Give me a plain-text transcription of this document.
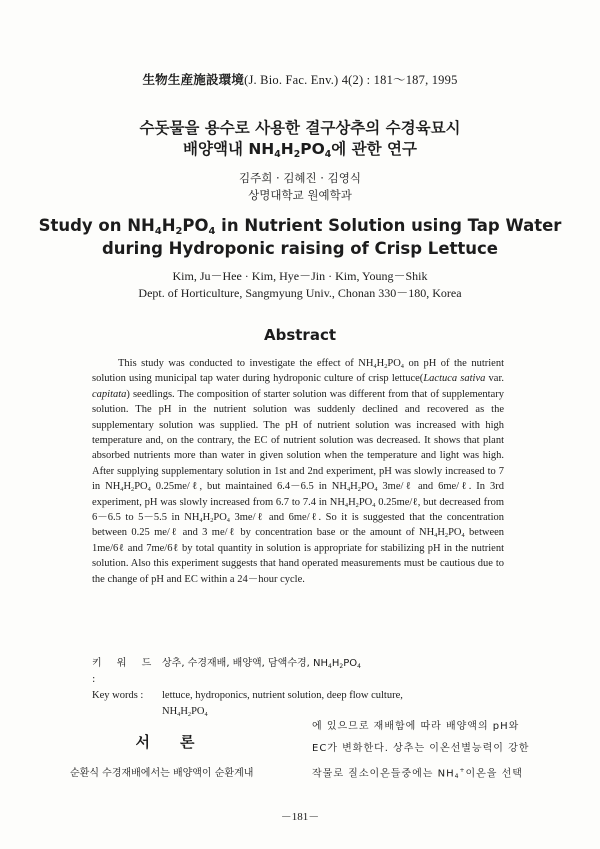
生物生産施設環境(J. Bio. Fac. Env.) 4(2) : 181～187, 1995
수돗물을 용수로 사용한 결구상추의 수경육묘시
배양액내 $NH_4H_2PO_4$에 관한 연구
김주희 · 김혜진 · 김영식
상명대학교 원예학과
Study on $NH_4H_2PO_4$ in Nutrient Solution using Tap Water
during Hydroponic raising of Crisp Lettuce
Kim, Ju－Hee · Kim, Hye－Jin · Kim, Young－Shik
Dept. of Horticulture, Sangmyung Univ., Chonan 330－180, Korea
Abstract

This study was conducted to investigate the effect of $NH_4H_2PO_4$ on pH of the nutrient solution using municipal tap water during hydroponic culture of crisp lettuce(Lactuca sativa var. capitata) seedlings. The composition of starter solution was different from that of supplementary solution. The pH in the nutrient solution was suddenly declined and recovered as the supplementary solution was supplied. The pH of nutrient solution was increased with high temperature and, on the contrary, the EC of nutrient solution was decreased. It shows that plant absorbed nutrients more than water in given solution when the temperature and light was high. After supplying supplementary solution in 1st and 2nd experiment, pH was slowly increased to 7 in $NH_4H_2PO_4$ 0.25me/ℓ, but maintained 6.4－6.5 in $NH_4H_2PO_4$ 3me/ℓ and 6me/ℓ. In 3rd experiment, pH was slowly increased from 6.7 to 7.4 in $NH_4H_2PO_4$ 0.25me/ℓ, but decreased from 6－6.5 to 5－5.5 in $NH_4H_2PO_4$ 3me/ℓ and 6me/ℓ. So it is suggested that the concentration between 0.25 me/ℓ and 3 me/ℓ by concentration base or the amount of $NH_4H_2PO_4$ between 1me/6ℓ and 7me/6ℓ by total quantity in solution is appropriate for stabilizing pH in the nutrient solution. Also this experiment suggests that hand operated measurements must be cautious due to the change of pH and EC within a 24－hour cycle.

키 워 드 :
상추, 수경재배, 배양액, 담액수경, $NH_4H_2PO_4$
Key words :	lettuce, hydroponics, nutrient solution, deep flow culture,
$NH_4H_2PO_4$
서론
순환식 수경재배에서는 배양액이 순환계내
에 있으므로 재배함에 따라 배양액의 pH와
EC가 변화한다. 상추는 이온선별능력이 강한
작물로 질소이온들중에는 $NH_4^+$이온을 선택
－181－
